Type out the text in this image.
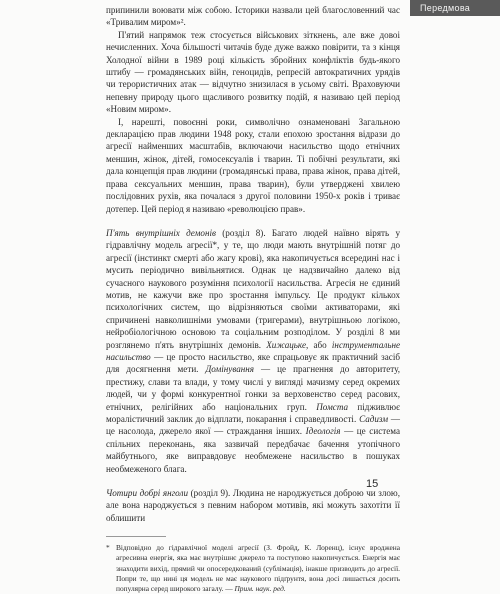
Передмова

припинили воювати між собою. Історики назвали цей благословенний час «Тривалим миром»².

П'ятий напрямок теж стосується військових зіткнень, але вже довоі нечисленних. Хоча більшості читачів буде дуже важко повірити, та з кінця Холодної війни в 1989 році кількість збройних конфліктів будь-якого штибу — громадянських війн, геноцидів, репресій автократичних урядів чи терористичних атак — відчутно знизилася в усьому світі. Враховуючи непевну природу цього щасливого розвитку подій, я називаю цей період «Новим миром».

І, нарешті, повоєнні роки, символічно ознаменовані Загальною декларацією прав людини 1948 року, стали епохою зростання відрази до агресії найменших масштабів, включаючи насильство щодо етнічних меншин, жінок, дітей, гомосексуалів і тварин. Ті побічні результати, які дала концепція прав людини (громадянські права, права жінок, права дітей, права сексуальних меншин, права тварин), були утверджені хвилею послідовних рухів, яка почалася з другої половини 1950-х років і триває дотепер. Цей період я називаю «революцією прав».

П'ять внутрішніх демонів (розділ 8). Багато людей наївно вірять у гідравлічну модель агресії*, у те, що люди мають внутрішній потяг до агресії (інстинкт смерті або жагу крові), яка накопичується всередині нас і мусить періодично вивільнятися. Однак це надзвичайно далеко від сучасного наукового розуміння психології насильства. Агресія не єдиний мотив, не кажучи вже про зростання імпульсу. Це продукт кількох психологічних систем, що відрізняються своїми активаторами, які спричинені навколишніми умовами (тригерами), внутрішньою логікою, нейробіологічною основою та соціальним розподілом. У розділі 8 ми розглянемо п'ять внутрішніх демонів. Хижацьке, або інструментальне насильство — це просто насильство, яке спрацьовує як практичний засіб для досягнення мети. Домінування — це прагнення до авторитету, престижу, слави та влади, у тому числі у вигляді мачизму серед окремих людей, чи у формі конкурентної гонки за верховенство серед расових, етнічних, релігійних або національних груп. Помста підживлює моралістичний заклик до відплати, покарання і справедливості. Садизм — це насолода, джерело якої — страждання інших. Ідеологія — це система спільних переконань, яка зазвичай передбачає бачення утопічного майбутнього, яке виправдовує необмежене насильство в пошуках необмеженого блага.

Чотири добрі янголи (розділ 9). Людина не народжується доброю чи злою, але вона народжується з певним набором мотивів, які можуть захотіти її облишити

* Відповідно до гідравлічної моделі агресії (З. Фройд, К. Лоренц), існує вроджена агресивна енергія, яка має внутрішнє джерело та поступово накопичується. Енергія має знаходити вихід, прямий чи опосередкований (сублімація), інакше призводить до агресії. Попри те, що нині ця модель не має наукового підґрунтя, вона досі лишається досить популярна серед широкого загалу. — Прим. наук. ред.
15
